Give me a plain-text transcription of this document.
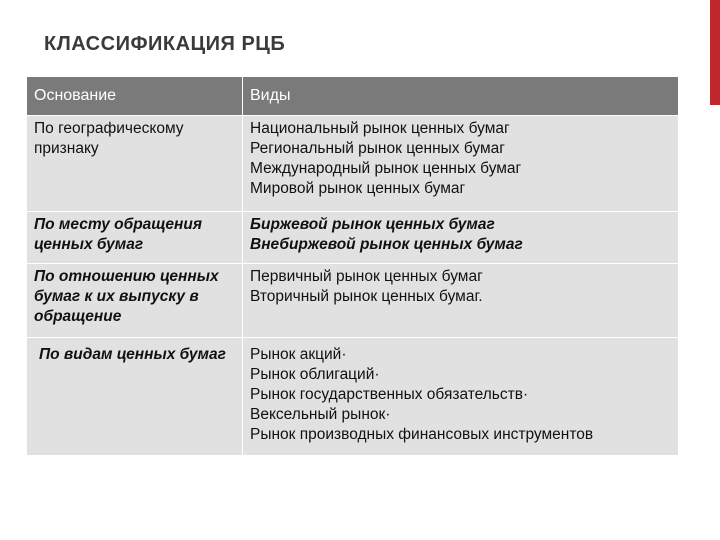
КЛАССИФИКАЦИЯ РЦБ
Основание	Виды

По географическому признаку	Национальный рынок ценных бумаг
Региональный рынок ценных бумаг
Международный рынок ценных бумаг
Мировой рынок ценных бумаг

По месту обращения ценных бумаг	Биржевой рынок ценных бумаг
Внебиржевой рынок ценных бумаг

По отношению ценных бумаг к их выпуску в обращение	Первичный рынок ценных бумаг
Вторичный рынок ценных бумаг.

По видам ценных бумаг	Рынок акций·
Рынок облигаций·
Рынок государственных обязательств·
Вексельный рынок·
Рынок производных финансовых инструментов
